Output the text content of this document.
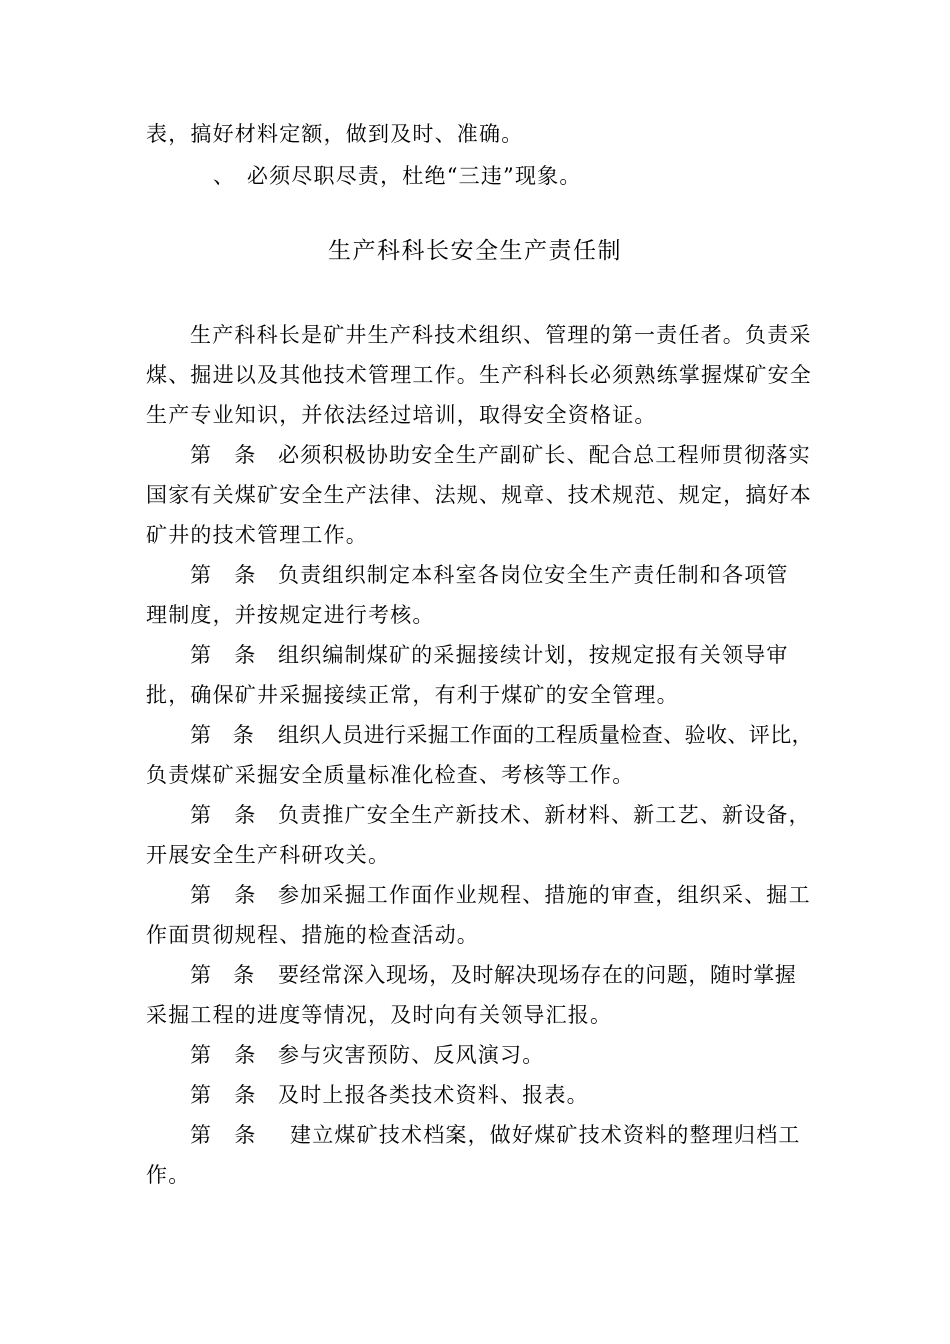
表，搞好材料定额，做到及时、准确。
、　必须尽职尽责，杜绝“三违”现象。
生产科科长安全生产责任制
生产科科长是矿井生产科技术组织、管理的第一责任者。负责采
煤、掘进以及其他技术管理工作。生产科科长必须熟练掌握煤矿安全
生产专业知识，并依法经过培训，取得安全资格证。
第　条 必须积极协助安全生产副矿长、配合总工程师贯彻落实
国家有关煤矿安全生产法律、法规、规章、技术规范、规定，搞好本
矿井的技术管理工作。
第　条 负责组织制定本科室各岗位安全生产责任制和各项管
理制度，并按规定进行考核。
第　条 组织编制煤矿的采掘接续计划，按规定报有关领导审
批，确保矿井采掘接续正常，有利于煤矿的安全管理。
第　条 组织人员进行采掘工作面的工程质量检查、验收、评比，
负责煤矿采掘安全质量标准化检查、考核等工作。
第　条 负责推广安全生产新技术、新材料、新工艺、新设备，
开展安全生产科研攻关。
第　条 参加采掘工作面作业规程、措施的审查，组织采、掘工
作面贯彻规程、措施的检查活动。
第　条 要经常深入现场，及时解决现场存在的问题，随时掌握
采掘工程的进度等情况，及时向有关领导汇报。
第　条 参与灾害预防、反风演习。
第　条 及时上报各类技术资料、报表。
第　条 建立煤矿技术档案，做好煤矿技术资料的整理归档工
作。
